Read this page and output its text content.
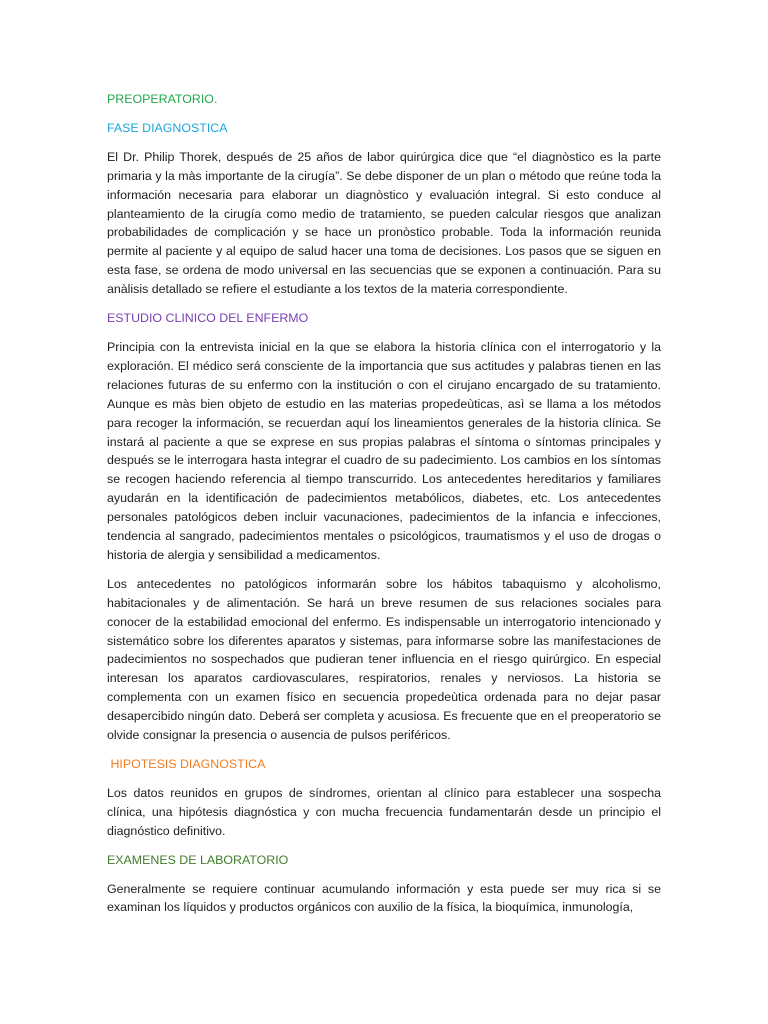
PREOPERATORIO.
FASE DIAGNOSTICA

El Dr. Philip Thorek, después de 25 años de labor quirúrgica dice que “el diagnòstico es la parte primaria y la màs importante de la cirugía”. Se debe disponer de un plan o método que reúne toda la información necesaria para elaborar un diagnòstico y evaluación integral. Si esto conduce al planteamiento de la cirugía como medio de tratamiento, se pueden calcular riesgos que analizan probabilidades de complicación y se hace un pronòstico probable. Toda la información reunida permite al paciente y al equipo de salud hacer una toma de decisiones. Los pasos que se siguen en esta fase, se ordena de modo universal en las secuencias que se exponen a continuación. Para su anàlisis detallado se refiere el estudiante a los textos de la materia correspondiente.

ESTUDIO CLINICO DEL ENFERMO

Principia con la entrevista inicial en la que se elabora la historia clínica con el interrogatorio y la exploración. El médico será consciente de la importancia que sus actitudes y palabras tienen en las relaciones futuras de su enfermo con la institución o con el cirujano encargado de su tratamiento. Aunque es màs bien objeto de estudio en las materias propedeùticas, asì se llama a los métodos para recoger la información, se recuerdan aquí los lineamientos generales de la historia clínica. Se instará al paciente a que se exprese en sus propias palabras el síntoma o síntomas principales y después se le interrogara hasta integrar el cuadro de su padecimiento. Los cambios en los síntomas se recogen haciendo referencia al tiempo transcurrido. Los antecedentes hereditarios y familiares ayudarán en la identificación de padecimientos metabólicos, diabetes, etc. Los antecedentes personales patológicos deben incluir vacunaciones, padecimientos de la infancia e infecciones, tendencia al sangrado, padecimientos mentales o psicológicos, traumatismos y el uso de drogas o historia de alergia y sensibilidad a medicamentos.

Los antecedentes no patológicos informarán sobre los hábitos tabaquismo y alcoholismo, habitacionales y de alimentación. Se hará un breve resumen de sus relaciones sociales para conocer de la estabilidad emocional del enfermo. Es indispensable un interrogatorio intencionado y sistemático sobre los diferentes aparatos y sistemas, para informarse sobre las manifestaciones de padecimientos no sospechados que pudieran tener influencia en el riesgo quirúrgico. En especial interesan los aparatos cardiovasculares, respiratorios, renales y nerviosos. La historia se complementa con un examen físico en secuencia propedeùtica ordenada para no dejar pasar desapercibido ningún dato. Deberá ser completa y acusiosa. Es frecuente que en el preoperatorio se olvide consignar la presencia o ausencia de pulsos periféricos.

HIPOTESIS DIAGNOSTICA

Los datos reunidos en grupos de síndromes, orientan al clínico para establecer una sospecha clínica, una hipótesis diagnóstica y con mucha frecuencia fundamentarán desde un principio el diagnóstico definitivo.

EXAMENES DE LABORATORIO

Generalmente se requiere continuar acumulando información y esta puede ser muy rica si se examinan los líquidos y productos orgánicos con auxilio de la física, la bioquímica, inmunología,
